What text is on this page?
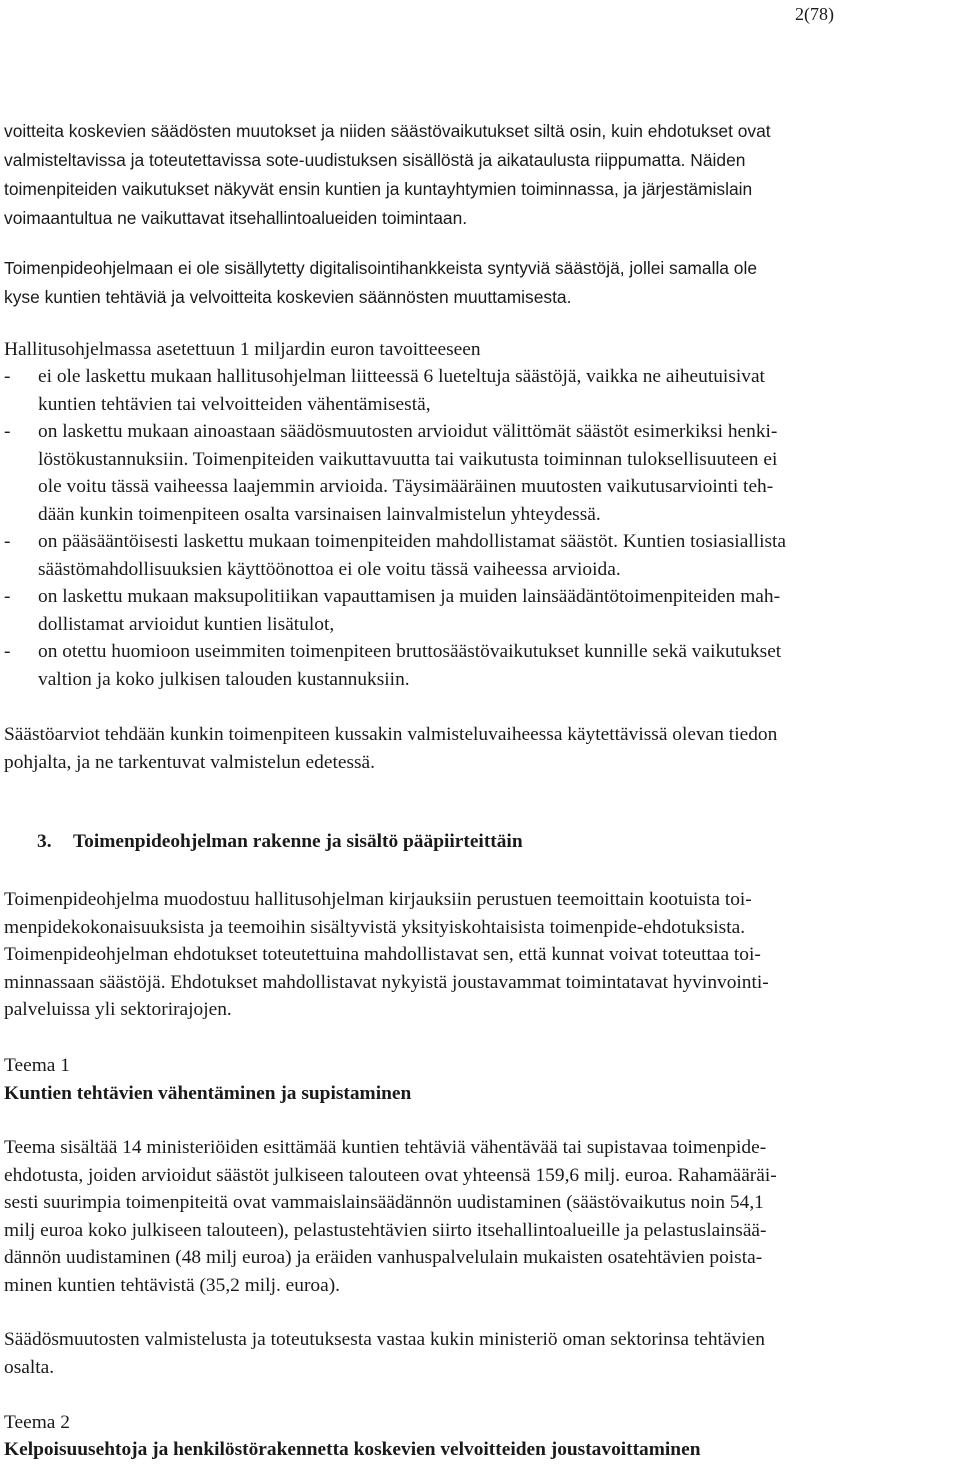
2(78)

voitteita koskevien säädösten muutokset ja niiden säästövaikutukset siltä osin, kuin ehdotukset ovat
valmisteltavissa ja toteutettavissa sote-uudistuksen sisällöstä ja aikataulusta riippumatta. Näiden
toimenpiteiden vaikutukset näkyvät ensin kuntien ja kuntayhtymien toiminnassa, ja järjestämislain
voimaantultua ne vaikuttavat itsehallintoalueiden toimintaan.

Toimenpideohjelmaan ei ole sisällytetty digitalisointihankkeista syntyviä säästöjä, jollei samalla ole
kyse kuntien tehtäviä ja velvoitteita koskevien säännösten muuttamisesta.

Hallitusohjelmassa asetettuun 1 miljardin euron tavoitteeseen

- ei ole laskettu mukaan hallitusohjelman liitteessä 6 lueteltuja säästöjä, vaikka ne aiheutuisivat
kuntien tehtävien tai velvoitteiden vähentämisestä,
- on laskettu mukaan ainoastaan säädösmuutosten arvioidut välittömät säästöt esimerkiksi henki-
löstökustannuksiin. Toimenpiteiden vaikuttavuutta tai vaikutusta toiminnan tuloksellisuuteen ei
ole voitu tässä vaiheessa laajemmin arvioida. Täysimääräinen muutosten vaikutusarviointi teh-
dään kunkin toimenpiteen osalta varsinaisen lainvalmistelun yhteydessä.
- on pääsääntöisesti laskettu mukaan toimenpiteiden mahdollistamat säästöt. Kuntien tosiasiallista
säästömahdollisuuksien käyttöönottoa ei ole voitu tässä vaiheessa arvioida.
- on laskettu mukaan maksupolitiikan vapauttamisen ja muiden lainsäädäntötoimenpiteiden mah-
dollistamat arvioidut kuntien lisätulot,
- on otettu huomioon useimmiten toimenpiteen bruttosäästövaikutukset kunnille sekä vaikutukset
valtion ja koko julkisen talouden kustannuksiin.

Säästöarviot tehdään kunkin toimenpiteen kussakin valmisteluvaiheessa käytettävissä olevan tiedon
pohjalta, ja ne tarkentuvat valmistelun edetessä.

3. Toimenpideohjelman rakenne ja sisältö pääpiirteittäin

Toimenpideohjelma muodostuu hallitusohjelman kirjauksiin perustuen teemoittain kootuista toi-
menpidekokonaisuuksista ja teemoihin sisältyvistä yksityiskohtaisista toimenpide-ehdotuksista.
Toimenpideohjelman ehdotukset toteutettuina mahdollistavat sen, että kunnat voivat toteuttaa toi-
minnassaan säästöjä. Ehdotukset mahdollistavat nykyistä joustavammat toimintatavat hyvinvointi-
palveluissa yli sektorirajojen.

Teema 1
Kuntien tehtävien vähentäminen ja supistaminen

Teema sisältää 14 ministeriöiden esittämää kuntien tehtäviä vähentävää tai supistavaa toimenpide-
ehdotusta, joiden arvioidut säästöt julkiseen talouteen ovat yhteensä 159,6 milj. euroa. Rahamääräi-
sesti suurimpia toimenpiteitä ovat vammaislainsäädännön uudistaminen (säästövaikutus noin 54,1
milj euroa koko julkiseen talouteen), pelastustehtävien siirto itsehallintoalueille ja pelastuslainsää-
dännön uudistaminen (48 milj euroa) ja eräiden vanhuspalvelulain mukaisten osatehtävien poista-
minen kuntien tehtävistä (35,2 milj. euroa).

Säädösmuutosten valmistelusta ja toteutuksesta vastaa kukin ministeriö oman sektorinsa tehtävien
osalta.

Teema 2
Kelpoisuusehtoja ja henkilöstörakennetta koskevien velvoitteiden joustavoittaminen
